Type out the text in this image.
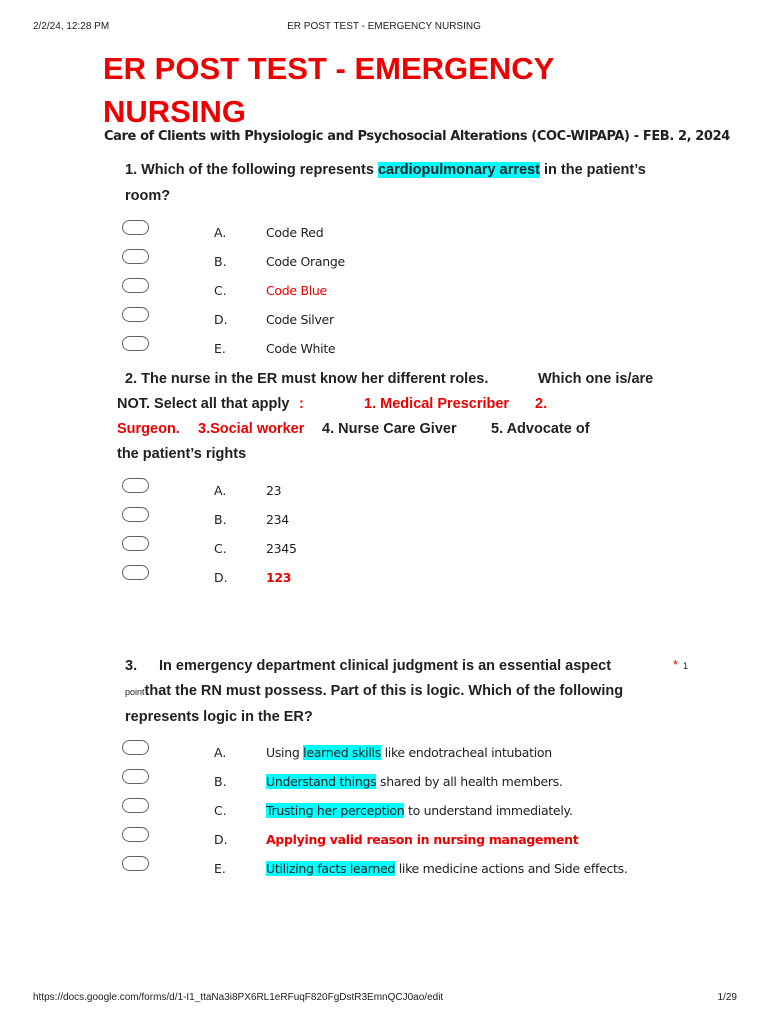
2/2/24, 12:28 PM	ER POST TEST - EMERGENCY NURSING
ER POST TEST - EMERGENCY NURSING
Care of Clients with Physiologic and Psychosocial Alterations (COC-WIPAPA) - FEB. 2, 2024
1. Which of the following represents cardiopulmonary arrest in the patient’s
room?
A.	Code Red
B.	Code Orange
C.	Code Blue
D.	Code Silver
E.	Code White
2. The nurse in the ER must know her different roles.	Which one is/are
NOT. Select all that apply :	1. Medical Prescriber 2.
Surgeon. 3.Social worker 4. Nurse Care Giver 5. Advocate of
the patient’s rights
A.	23
B.	234
C.	2345
D.	123
3. In emergency department clinical judgment is an essential aspect	* 1
pointthat the RN must possess. Part of this is logic. Which of the following
represents logic in the ER?
A.	Using learned skills like endotracheal intubation
B.	Understand things shared by all health members.
C.	Trusting her perception to understand immediately.
D.	Applying valid reason in nursing management
E.	Utilizing facts learned like medicine actions and Side effects.
https://docs.google.com/forms/d/1-I1_ttaNa3i8PX6RL1eRFuqF820FgDstR3EmnQCJ0ao/edit	1/29
